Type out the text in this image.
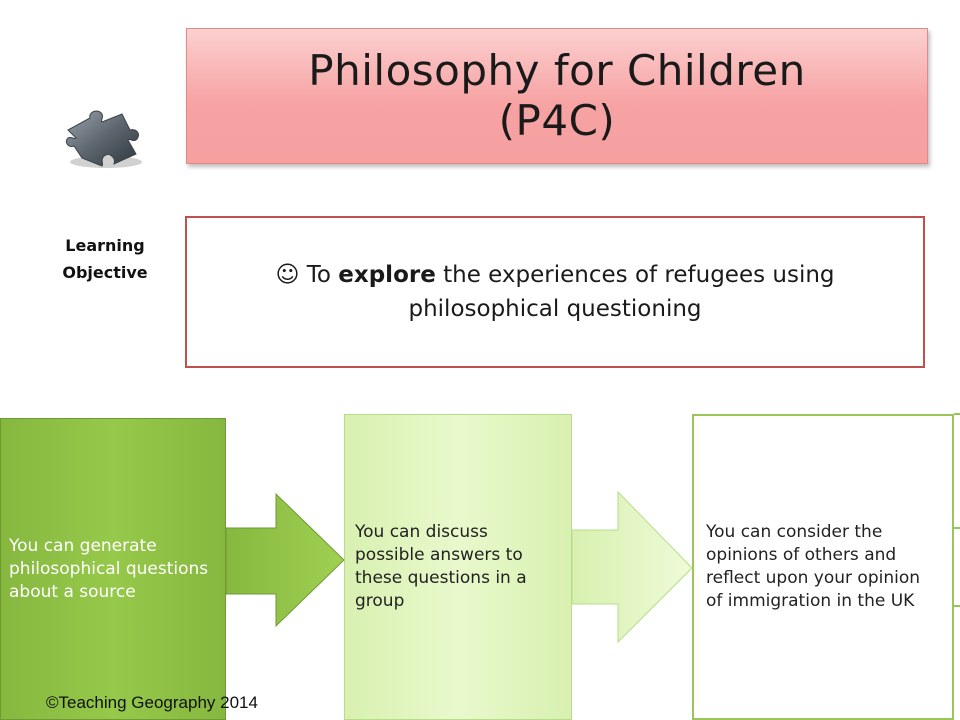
Philosophy for Children
(P4C)
Learning
Objective	☺ To explore the experiences of refugees using
philosophical questioning
You can generate philosophical questions about a source
You can discuss possible answers to these questions in a group
You can consider the opinions of others and reflect upon your opinion of immigration in the UK
©Teaching Geography 2014
